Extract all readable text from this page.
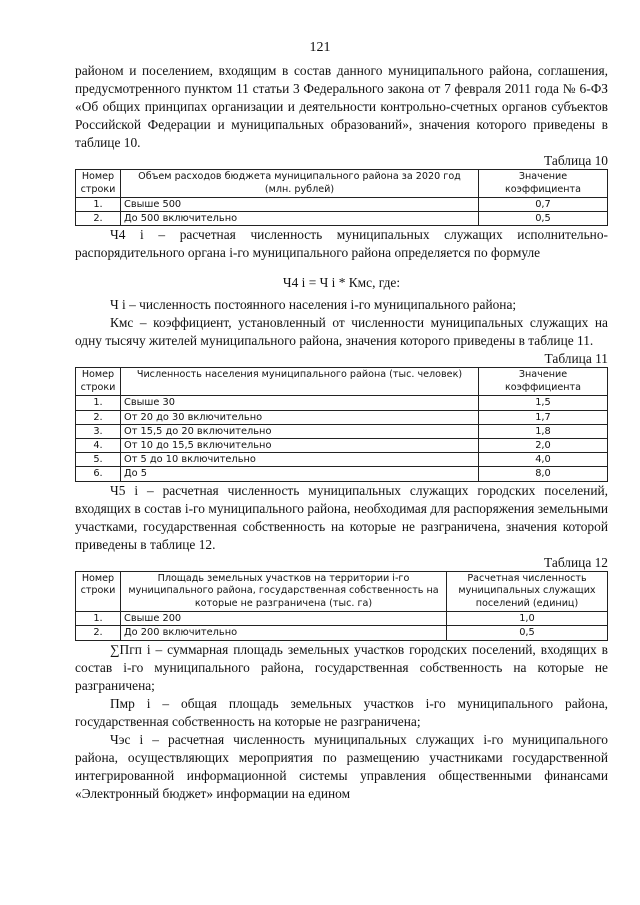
121

районом и поселением, входящим в состав данного муниципального района, соглашения, предусмотренного пунктом 11 статьи 3 Федерального закона от 7 февраля 2011 года № 6-ФЗ «Об общих принципах организации и деятельности контрольно-счетных органов субъектов Российской Федерации и муниципальных образований», значения которого приведены в таблице 10.

Таблица 10
Номер строки	Объем расходов бюджета муниципального района за 2020 год (млн. рублей)	Значение коэффициента
1.	Свыше 500	0,7
2.	До 500 включительно	0,5

Ч4 i – расчетная численность муниципальных служащих исполнительно-распорядительного органа i-го муниципального района определяется по формуле

Ч4 i = Ч i * Кмс, где:

Ч i – численность постоянного населения i-го муниципального района;

Кмс – коэффициент, установленный от численности муниципальных служащих на одну тысячу жителей муниципального района, значения которого приведены в таблице 11.

Таблица 11
Номер строки	Численность населения муниципального района (тыс. человек)	Значение коэффициента
1.	Свыше 30	1,5
2.	От 20 до 30 включительно	1,7
3.	От 15,5 до 20 включительно	1,8
4.	От 10 до 15,5 включительно	2,0
5.	От 5 до 10 включительно	4,0
6.	До 5	8,0

Ч5 i – расчетная численность муниципальных служащих городских поселений, входящих в состав i-го муниципального района, необходимая для распоряжения земельными участками, государственная собственность на которые не разграничена, значения которой приведены в таблице 12.

Таблица 12
Номер строки	Площадь земельных участков на территории i-го муниципального района, государственная собственность на которые не разграничена (тыс. га)	Расчетная численность муниципальных служащих поселений (единиц)
1.	Свыше 200	1,0
2.	До 200 включительно	0,5

∑Пгп i – суммарная площадь земельных участков городских поселений, входящих в состав i-го муниципального района, государственная собственность на которые не разграничена;

Пмр i – общая площадь земельных участков i-го муниципального района, государственная собственность на которые не разграничена;

Чэс i – расчетная численность муниципальных служащих i-го муниципального района, осуществляющих мероприятия по размещению участниками государственной интегрированной информационной системы управления общественными финансами «Электронный бюджет» информации на едином
